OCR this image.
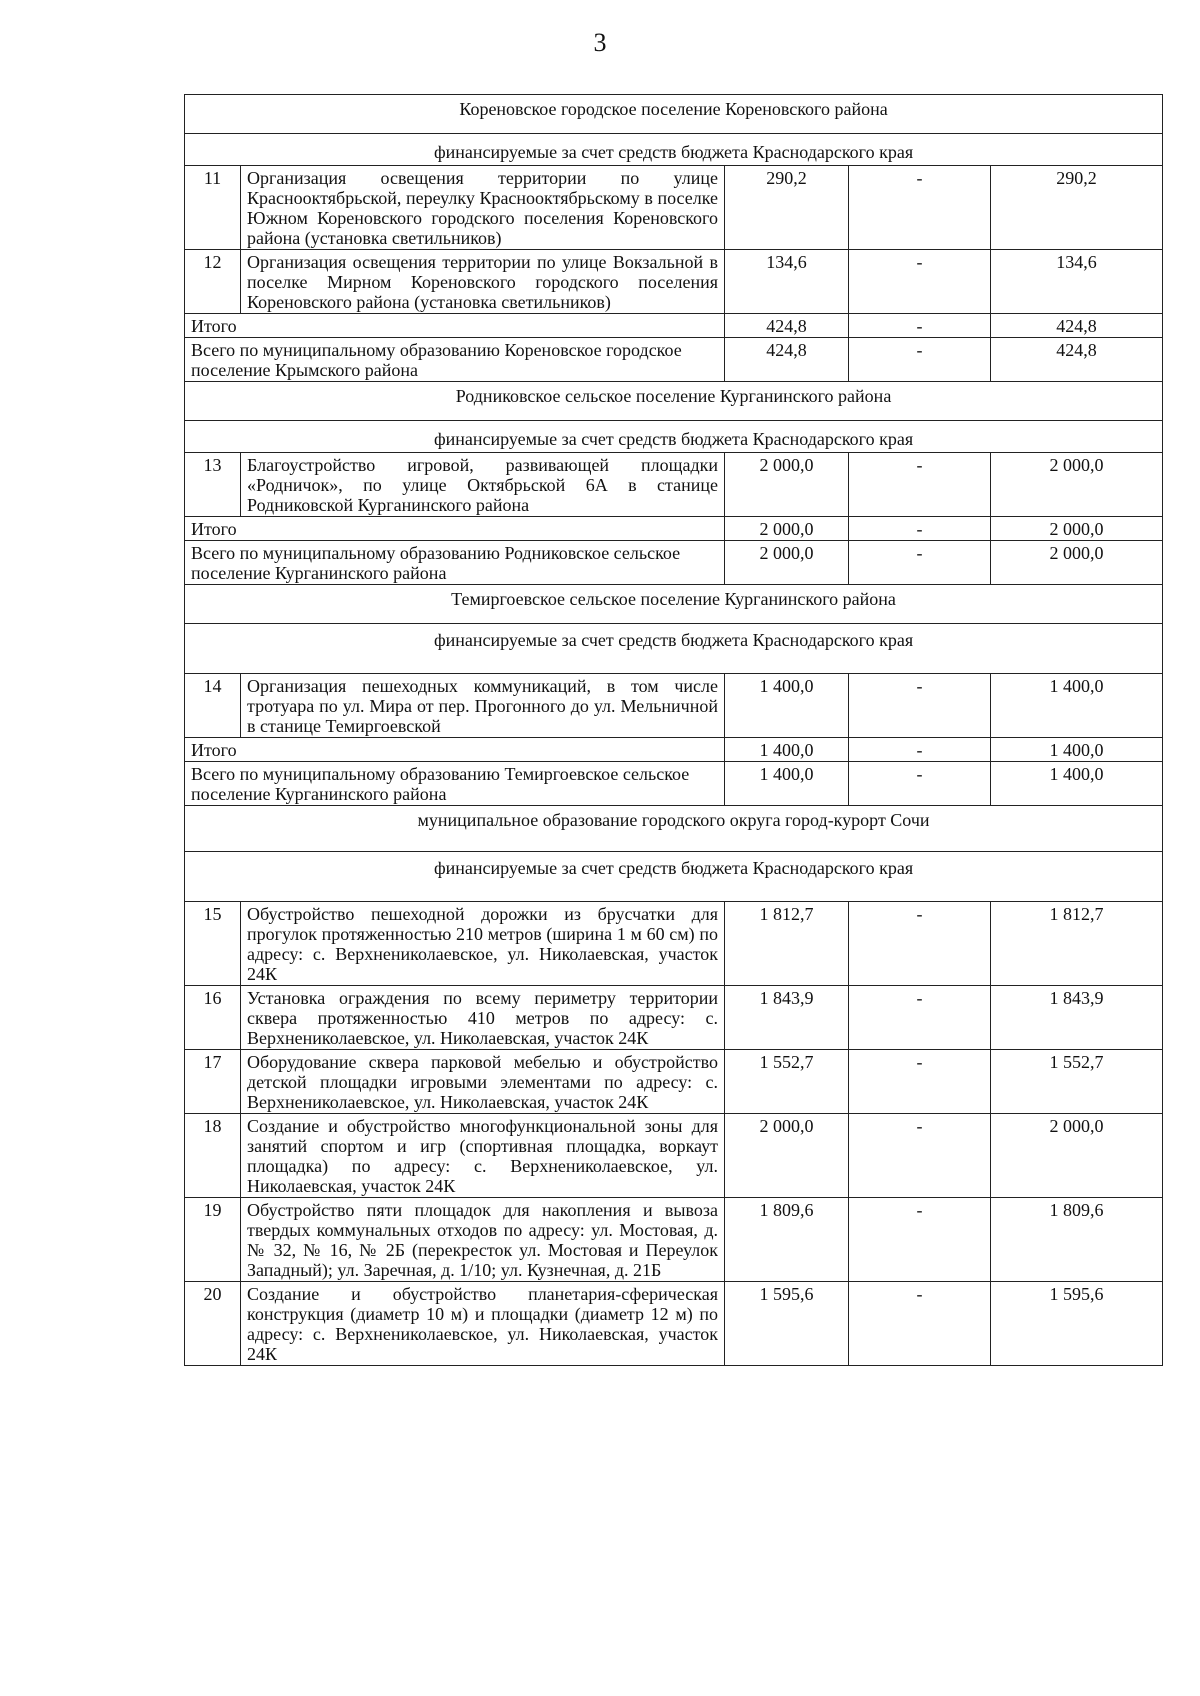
3
Кореновское городское поселение Кореновского района				
финансируемые за счет средств бюджета Краснодарского края				
11	Организация освещения территории по улице Краснооктябрьской, переулку Краснооктябрьскому в поселке Южном Кореновского городского поселения Кореновского района (установка светильников)	290,2	-	290,2
12	Организация освещения территории по улице Вокзальной в поселке Мирном Кореновского городского поселения Кореновского района (установка светильников)	134,6	-	134,6
Итого		424,8	-	424,8
Всего по муниципальному образованию Кореновское городское поселение Крымского района		424,8	-	424,8
Родниковское сельское поселение Курганинского района				
финансируемые за счет средств бюджета Краснодарского края				
13	Благоустройство игровой, развивающей площадки «Родничок», по улице Октябрьской 6А в станице Родниковской Курганинского района	2 000,0	-	2 000,0
Итого		2 000,0	-	2 000,0
Всего по муниципальному образованию Родниковское сельское поселение Курганинского района		2 000,0	-	2 000,0
Темиргоевское сельское поселение Курганинского района				
финансируемые за счет средств бюджета Краснодарского края				
14	Организация пешеходных коммуникаций, в том числе тротуара по ул. Мира от пер. Прогонного до ул. Мельничной в станице Темиргоевской	1 400,0	-	1 400,0
Итого		1 400,0	-	1 400,0
Всего по муниципальному образованию Темиргоевское сельское поселение Курганинского района		1 400,0	-	1 400,0
муниципальное образование городского округа город-курорт Сочи				
финансируемые за счет средств бюджета Краснодарского края				
15	Обустройство пешеходной дорожки из брусчатки для прогулок протяженностью 210 метров (ширина 1 м 60 см) по адресу: с. Верхнениколаевское, ул. Николаевская, участок 24К	1 812,7	-	1 812,7
16	Установка ограждения по всему периметру территории сквера протяженностью 410 метров по адресу: с. Верхнениколаевское, ул. Николаевская, участок 24К	1 843,9	-	1 843,9
17	Оборудование сквера парковой мебелью и обустройство детской площадки игровыми элементами по адресу: с. Верхнениколаевское, ул. Николаевская, участок 24К	1 552,7	-	1 552,7
18	Создание и обустройство многофункциональной зоны для занятий спортом и игр (спортивная площадка, воркаут площадка) по адресу: с. Верхнениколаевское, ул. Николаевская, участок 24К	2 000,0	-	2 000,0
19	Обустройство пяти площадок для накопления и вывоза твердых коммунальных отходов по адресу: ул. Мостовая, д. № 32, № 16, № 2Б (перекресток ул. Мостовая и Переулок Западный); ул. Заречная, д. 1/10; ул. Кузнечная, д. 21Б	1 809,6	-	1 809,6
20	Создание и обустройство планетария-сферическая конструкция (диаметр 10 м) и площадки (диаметр 12 м) по адресу: с. Верхнениколаевское, ул. Николаевская, участок 24К	1 595,6	-	1 595,6
